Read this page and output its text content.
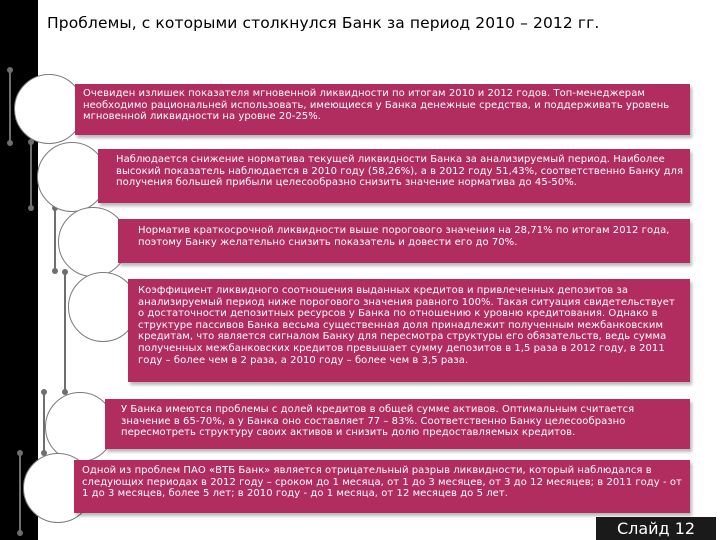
Проблемы, с которыми столкнулся Банк за период 2010 – 2012 гг.
Очевиден излишек показателя мгновенной ликвидности по итогам 2010 и 2012 годов. Топ-менеджерам необходимо рациональней использовать, имеющиеся у Банка денежные средства, и поддерживать уровень мгновенной ликвидности на уровне 20-25%.
Наблюдается снижение норматива текущей ликвидности Банка за анализируемый период. Наиболее высокий показатель наблюдается в 2010 году (58,26%), а в 2012 году 51,43%, соответственно Банку для получения большей прибыли целесообразно снизить значение норматива до 45-50%.
Норматив краткосрочной ликвидности выше порогового значения на 28,71% по итогам 2012 года, поэтому Банку желательно снизить показатель и довести его до 70%.
Коэффициент ликвидного соотношения выданных кредитов и привлеченных депозитов за анализируемый период ниже порогового значения равного 100%. Такая ситуация свидетельствует о достаточности депозитных ресурсов у Банка по отношению к уровню кредитования. Однако в структуре пассивов Банка весьма существенная доля принадлежит полученным межбанковским кредитам, что является сигналом Банку для пересмотра структуры его обязательств, ведь сумма полученных межбанковских кредитов превышает сумму депозитов в 1,5 раза в 2012 году, в 2011 году – более чем в 2 раза, а 2010 году – более чем в 3,5 раза.
У Банка имеются проблемы с долей кредитов в общей сумме активов. Оптимальным считается значение в 65-70%, а у Банка оно составляет 77 – 83%. Соответственно Банку целесообразно пересмотреть структуру своих активов и снизить долю предоставляемых кредитов.
Одной из проблем ПАО «ВТБ Банк» является отрицательный разрыв ликвидности, который наблюдался в следующих периодах в 2012 году – сроком до 1 месяца, от 1 до 3 месяцев, от 3 до 12 месяцев; в 2011 году - от 1 до 3 месяцев, более 5 лет; в 2010 году - до 1 месяца, от 12 месяцев до 5 лет.
Слайд 12
